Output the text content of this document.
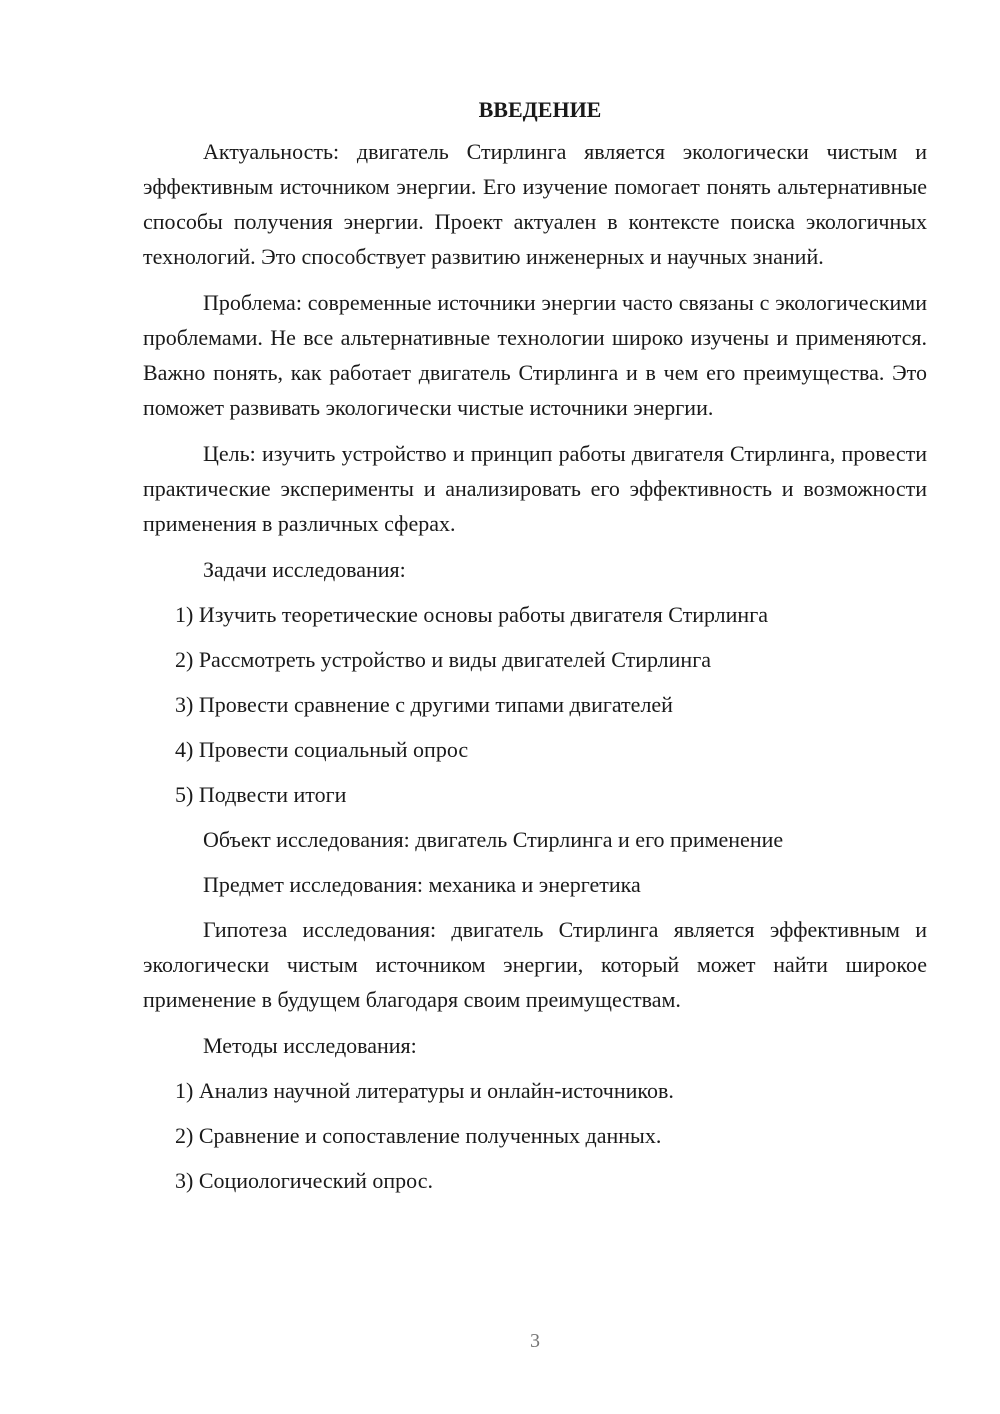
ВВЕДЕНИЕ

Актуальность: двигатель Стирлинга является экологически чистым и эффективным источником энергии. Его изучение помогает понять альтернативные способы получения энергии. Проект актуален в контексте поиска экологичных технологий. Это способствует развитию инженерных и научных знаний.

Проблема: современные источники энергии часто связаны с экологическими проблемами. Не все альтернативные технологии широко изучены и применяются. Важно понять, как работает двигатель Стирлинга и в чем его преимущества. Это поможет развивать экологически чистые источники энергии.

Цель: изучить устройство и принцип работы двигателя Стирлинга, провести практические эксперименты и анализировать его эффективность и возможности применения в различных сферах.

Задачи исследования:

1) Изучить теоретические основы работы двигателя Стирлинга

2) Рассмотреть устройство и виды двигателей Стирлинга

3) Провести сравнение с другими типами двигателей

4) Провести социальный опрос

5) Подвести итоги

Объект исследования: двигатель Стирлинга и его применение

Предмет исследования: механика и энергетика

Гипотеза исследования: двигатель Стирлинга является эффективным и экологически чистым источником энергии, который может найти широкое применение в будущем благодаря своим преимуществам.

Методы исследования:

1) Анализ научной литературы и онлайн-источников.

2) Сравнение и сопоставление полученных данных.

3) Социологический опрос.

3
